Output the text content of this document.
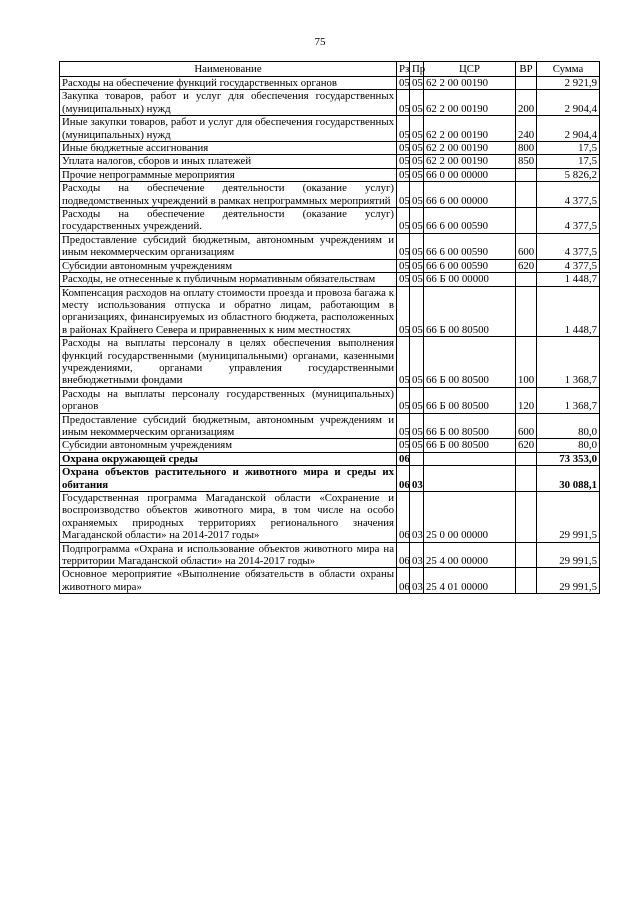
75
Наименование	Рз	Пр	ЦСР	ВР	Сумма
Расходы на обеспечение функций государственных органов	05	05	62 2 00 00190		2 921,9
Закупка товаров, работ и услуг для обеспечения государственных (муниципальных) нужд	05	05	62 2 00 00190	200	2 904,4
Иные закупки товаров, работ и услуг для обеспечения государственных (муниципальных) нужд	05	05	62 2 00 00190	240	2 904,4
Иные бюджетные ассигнования	05	05	62 2 00 00190	800	17,5
Уплата налогов, сборов и иных платежей	05	05	62 2 00 00190	850	17,5
Прочие непрограммные мероприятия	05	05	66 0 00 00000		5 826,2
Расходы на обеспечение деятельности (оказание услуг) подведомственных учреждений в рамках непрограммных мероприятий	05	05	66 6 00 00000		4 377,5
Расходы на обеспечение деятельности (оказание услуг) государственных учреждений.	05	05	66 6 00 00590		4 377,5
Предоставление субсидий бюджетным, автономным учреждениям и иным некоммерческим организациям	05	05	66 6 00 00590	600	4 377,5
Субсидии автономным учреждениям	05	05	66 6 00 00590	620	4 377,5
Расходы, не отнесенные к публичным нормативным обязательствам	05	05	66 Б 00 00000		1 448,7
Компенсация расходов на оплату стоимости проезда и провоза багажа к месту использования отпуска и обратно лицам, работающим в организациях, финансируемых из областного бюджета, расположенных в районах Крайнего Севера и приравненных к ним местностях	05	05	66 Б 00 80500		1 448,7
Расходы на выплаты персоналу в целях обеспечения выполнения функций государственными (муниципальными) органами, казенными учреждениями, органами управления государственными внебюджетными фондами	05	05	66 Б 00 80500	100	1 368,7
Расходы на выплаты персоналу государственных (муниципальных) органов	05	05	66 Б 00 80500	120	1 368,7
Предоставление субсидий бюджетным, автономным учреждениям и иным некоммерческим организациям	05	05	66 Б 00 80500	600	80,0
Субсидии автономным учреждениям	05	05	66 Б 00 80500	620	80,0
Охрана окружающей среды	06				73 353,0
Охрана объектов растительного и животного мира и среды их обитания	06	03			30 088,1
Государственная программа Магаданской области «Сохранение и воспроизводство объектов животного мира, в том числе на особо охраняемых природных территориях регионального значения Магаданской области» на 2014-2017 годы»	06	03	25 0 00 00000		29 991,5
Подпрограмма «Охрана и использование объектов животного мира на территории Магаданской области» на 2014-2017 годы»	06	03	25 4 00 00000		29 991,5
Основное мероприятие «Выполнение обязательств в области охраны животного мира»	06	03	25 4 01 00000		29 991,5
